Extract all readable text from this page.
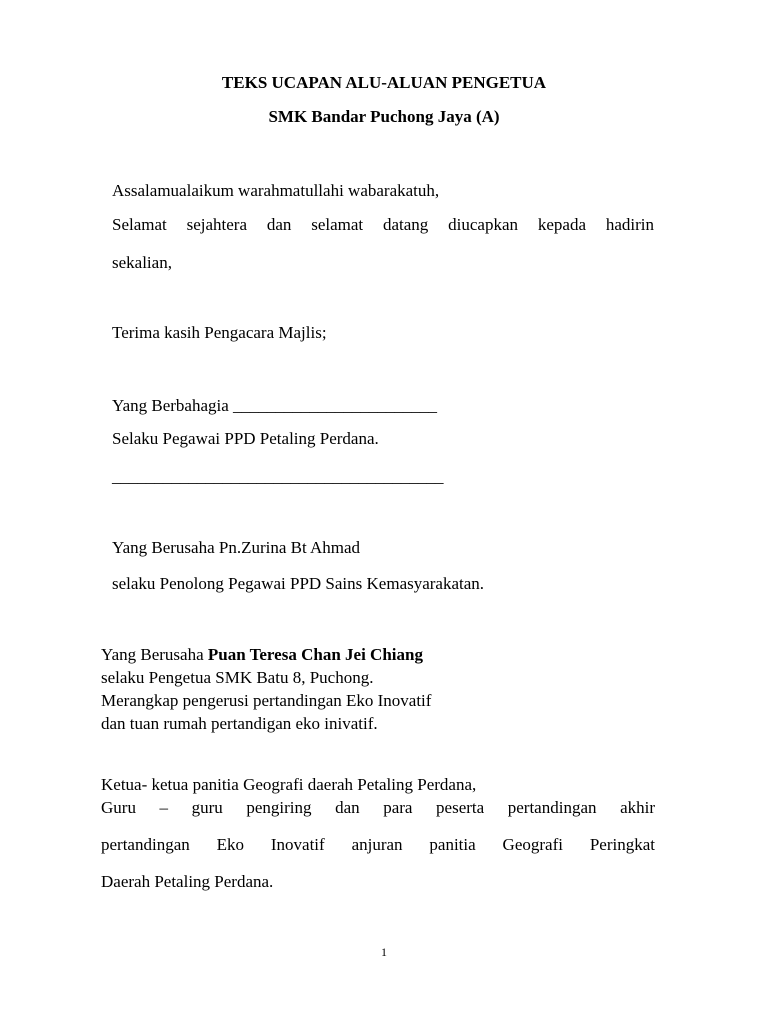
TEKS UCAPAN ALU-ALUAN PENGETUA
SMK Bandar Puchong Jaya (A)
Assalamualaikum warahmatullahi wabarakatuh,
Selamat sejahtera dan selamat datang diucapkan kepada hadirin
sekalian,
Terima kasih Pengacara Majlis;
Yang Berbahagia ________________________
Selaku Pegawai PPD Petaling Perdana.
_______________________________________
Yang Berusaha Pn.Zurina Bt Ahmad
selaku Penolong Pegawai PPD Sains Kemasyarakatan.
Yang Berusaha Puan Teresa Chan Jei Chiang
selaku Pengetua SMK Batu 8, Puchong.
Merangkap pengerusi pertandingan Eko Inovatif
dan tuan rumah pertandigan eko inivatif.
Ketua- ketua panitia Geografi daerah Petaling Perdana,
Guru – guru pengiring dan para peserta pertandingan akhir
pertandingan Eko Inovatif anjuran panitia Geografi Peringkat
Daerah Petaling Perdana.
1
